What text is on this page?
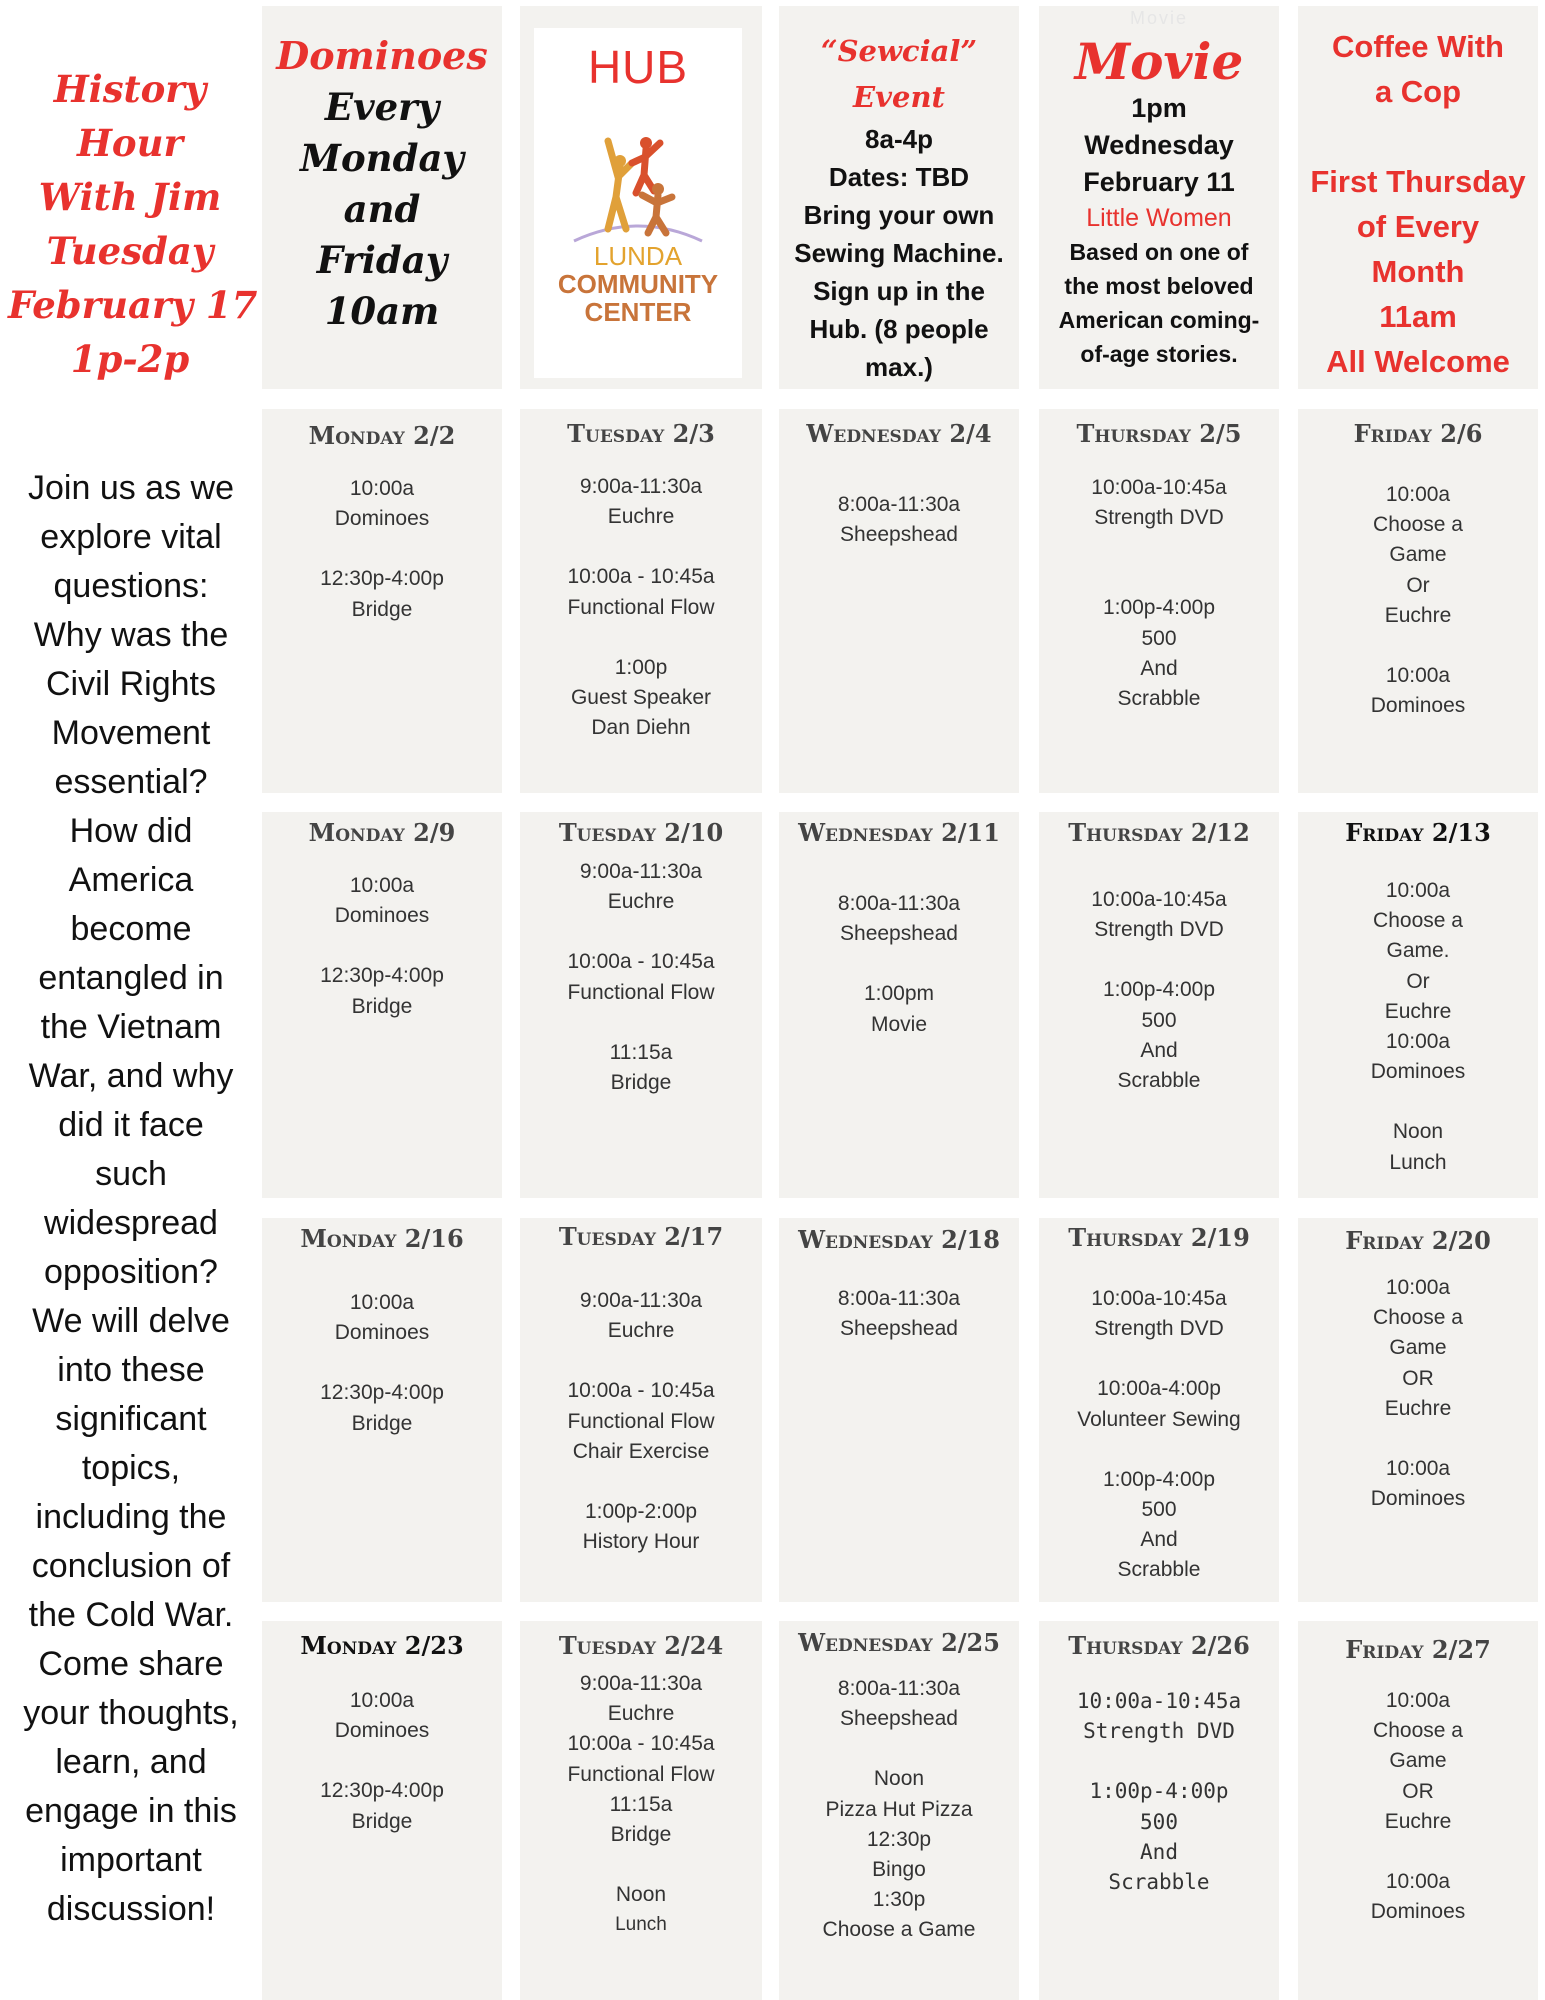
History
Hour
With Jim
Tuesday
February 17
1p-2p
Join us as we
explore vital
questions:
Why was the
Civil Rights
Movement
essential?
How did
America
become
entangled in
the Vietnam
War, and why
did it face
such
widespread
opposition?
We will delve
into these
significant
topics,
including the
conclusion of
the Cold War.
Come share
your thoughts,
learn, and
engage in this
important
discussion!
Dominoes
Every
Monday
and
Friday
10am
HUB
LUNDA
COMMUNITY
CENTER
“Sewcial”
Event
8a-4p
Dates: TBD
Bring your own
Sewing Machine.
Sign up in the
Hub. (8 people
max.)
Movie
Movie
1pm
Wednesday
February 11
Little Women
Based on one of
the most beloved
American coming-
of-age stories.
Coffee With
a Cop
First Thursday
of Every
Month
11am
All Welcome
Monday 2/2
10:00a
Dominoes
12:30p-4:00p
Bridge
Tuesday 2/3
9:00a-11:30a
Euchre
10:00a - 10:45a
Functional Flow
1:00p
Guest Speaker
Dan Diehn
Wednesday 2/4
8:00a-11:30a
Sheepshead
Thursday 2/5
10:00a-10:45a
Strength DVD
1:00p-4:00p
500
And
Scrabble
Friday 2/6
10:00a
Choose a
Game
Or
Euchre
10:00a
Dominoes
Monday 2/9
10:00a
Dominoes
12:30p-4:00p
Bridge
Tuesday 2/10
9:00a-11:30a
Euchre
10:00a - 10:45a
Functional Flow
11:15a
Bridge
Wednesday 2/11
8:00a-11:30a
Sheepshead
1:00pm
Movie
Thursday 2/12
10:00a-10:45a
Strength DVD
1:00p-4:00p
500
And
Scrabble
Friday 2/13
10:00a
Choose a
Game.
Or
Euchre
10:00a
Dominoes
Noon
Lunch
Monday 2/16
10:00a
Dominoes
12:30p-4:00p
Bridge
Tuesday 2/17
9:00a-11:30a
Euchre
10:00a - 10:45a
Functional Flow
Chair Exercise
1:00p-2:00p
History Hour
Wednesday 2/18
8:00a-11:30a
Sheepshead
Thursday 2/19
10:00a-10:45a
Strength DVD
10:00a-4:00p
Volunteer Sewing
1:00p-4:00p
500
And
Scrabble
Friday 2/20
10:00a
Choose a
Game
OR
Euchre
10:00a
Dominoes
Monday 2/23
10:00a
Dominoes
12:30p-4:00p
Bridge
Tuesday 2/24
9:00a-11:30a
Euchre
10:00a - 10:45a
Functional Flow
11:15a
Bridge
Noon
Lunch
Wednesday 2/25
8:00a-11:30a
Sheepshead
Noon
Pizza Hut Pizza
12:30p
Bingo
1:30p
Choose a Game
Thursday 2/26
10:00a-10:45a
Strength DVD
1:00p-4:00p
500
And
Scrabble
Friday 2/27
10:00a
Choose a
Game
OR
Euchre
10:00a
Dominoes
